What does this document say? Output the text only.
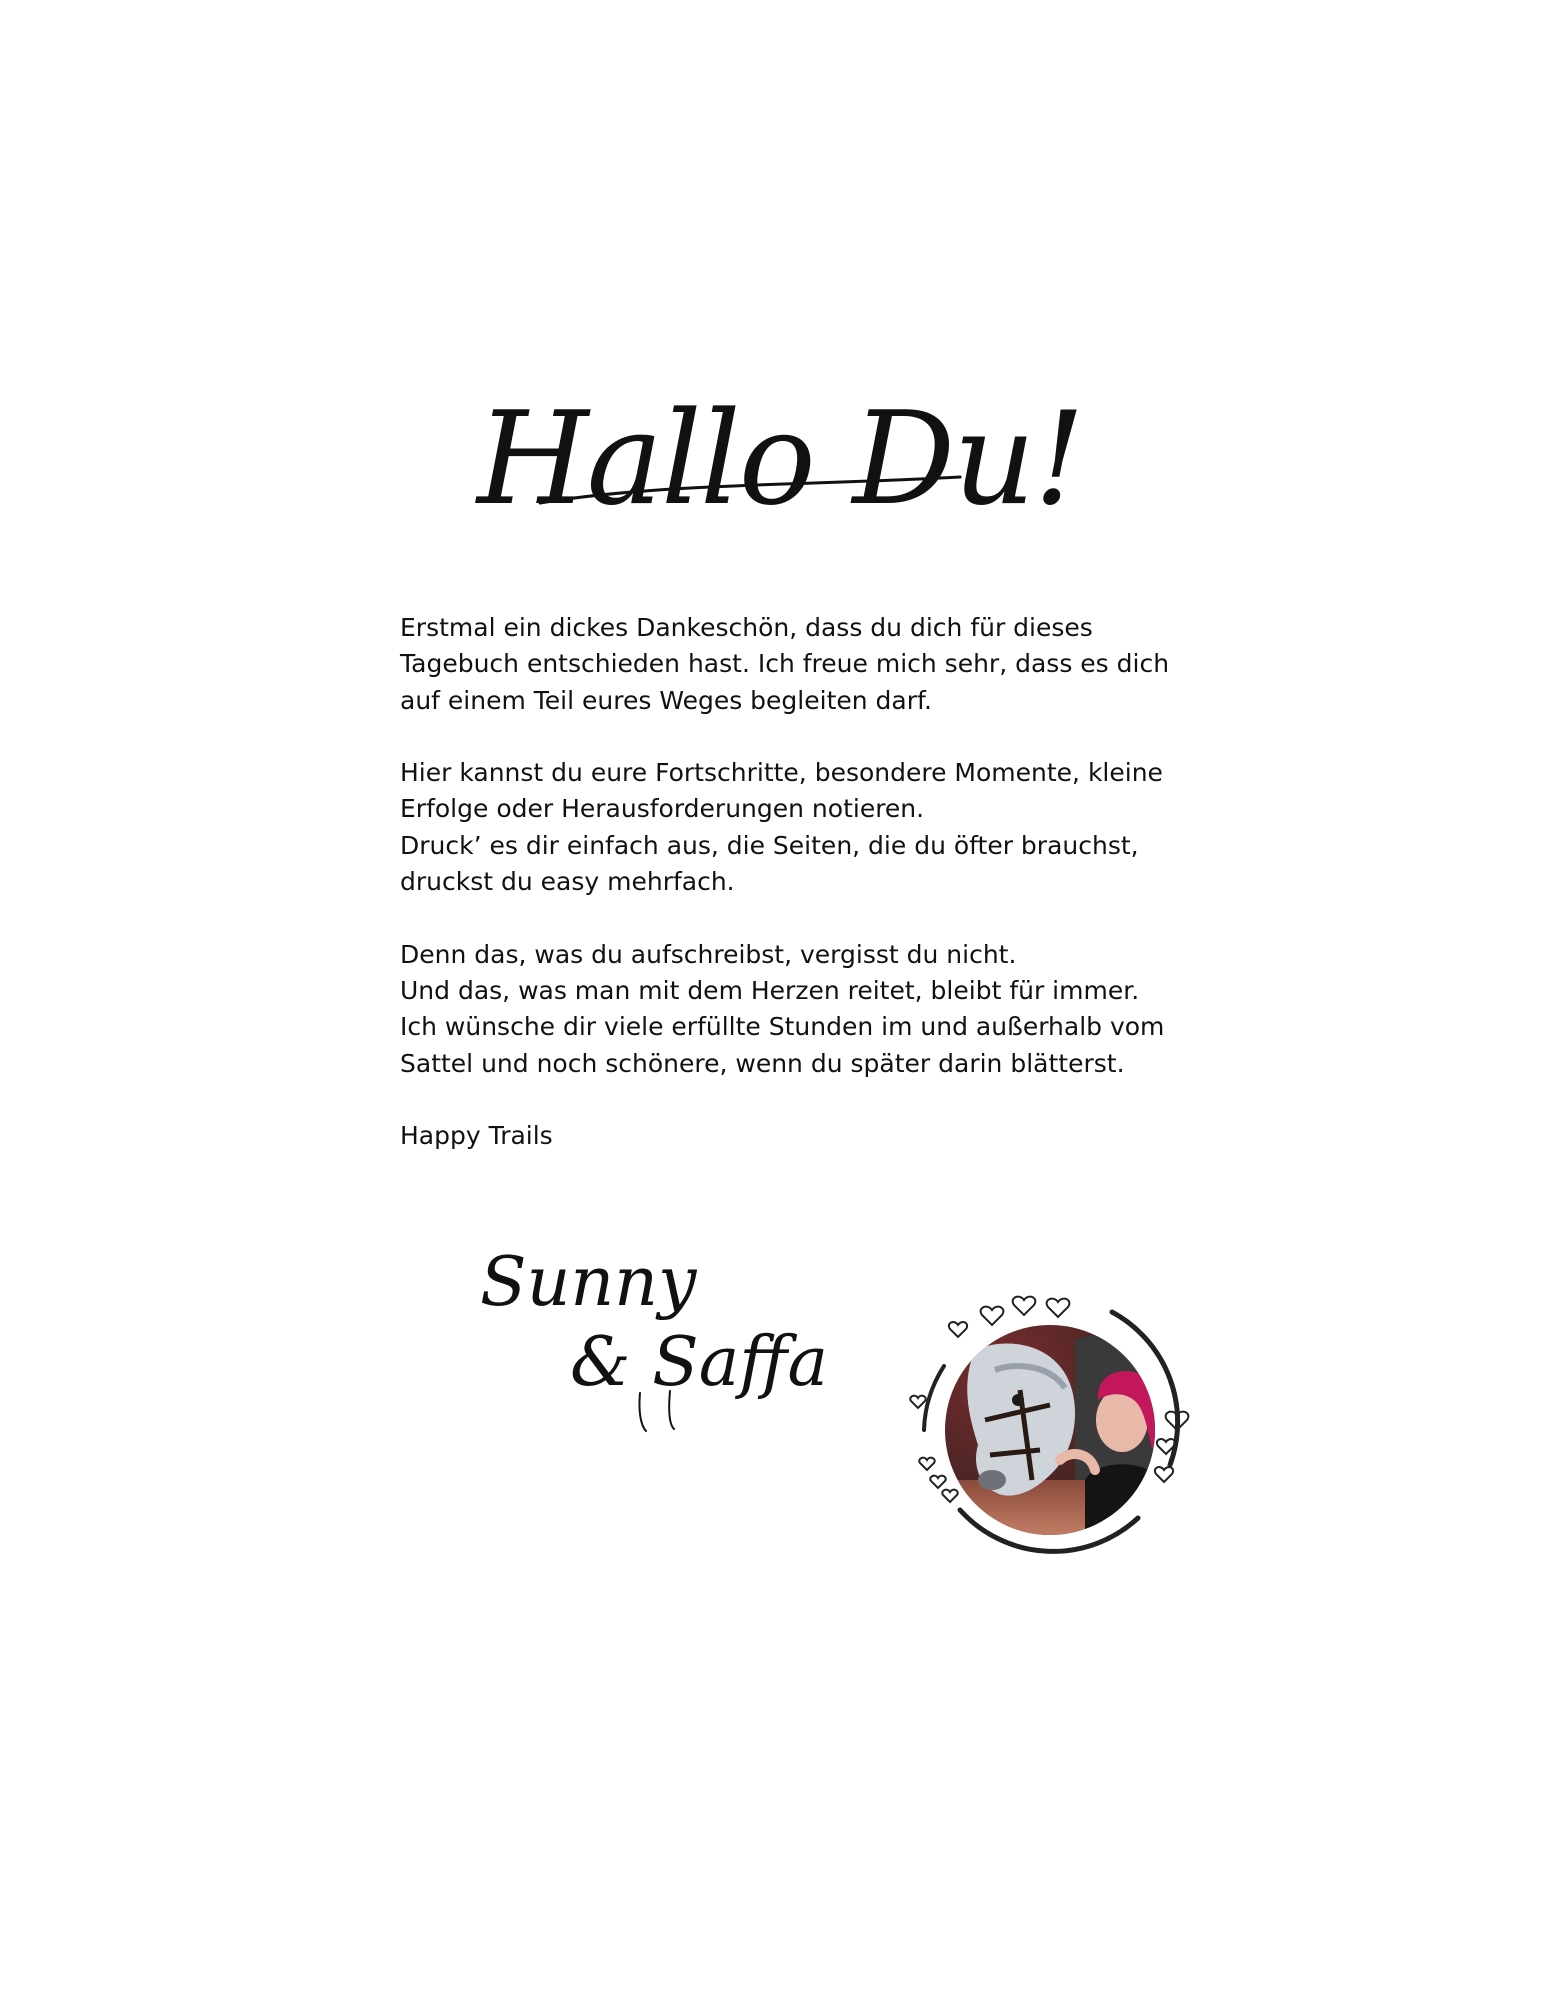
Hallo Du!
Erstmal ein dickes Dankeschön, dass du dich für dieses
Tagebuch entschieden hast. Ich freue mich sehr, dass es dich
auf einem Teil eures Weges begleiten darf.
Hier kannst du eure Fortschritte, besondere Momente, kleine
Erfolge oder Herausforderungen notieren.
Druck’ es dir einfach aus, die Seiten, die du öfter brauchst,
druckst du easy mehrfach.
Denn das, was du aufschreibst, vergisst du nicht.
Und das, was man mit dem Herzen reitet, bleibt für immer.
Ich wünsche dir viele erfüllte Stunden im und außerhalb vom
Sattel und noch schönere, wenn du später darin blätterst.
Happy Trails
Sunny
& Saffa
